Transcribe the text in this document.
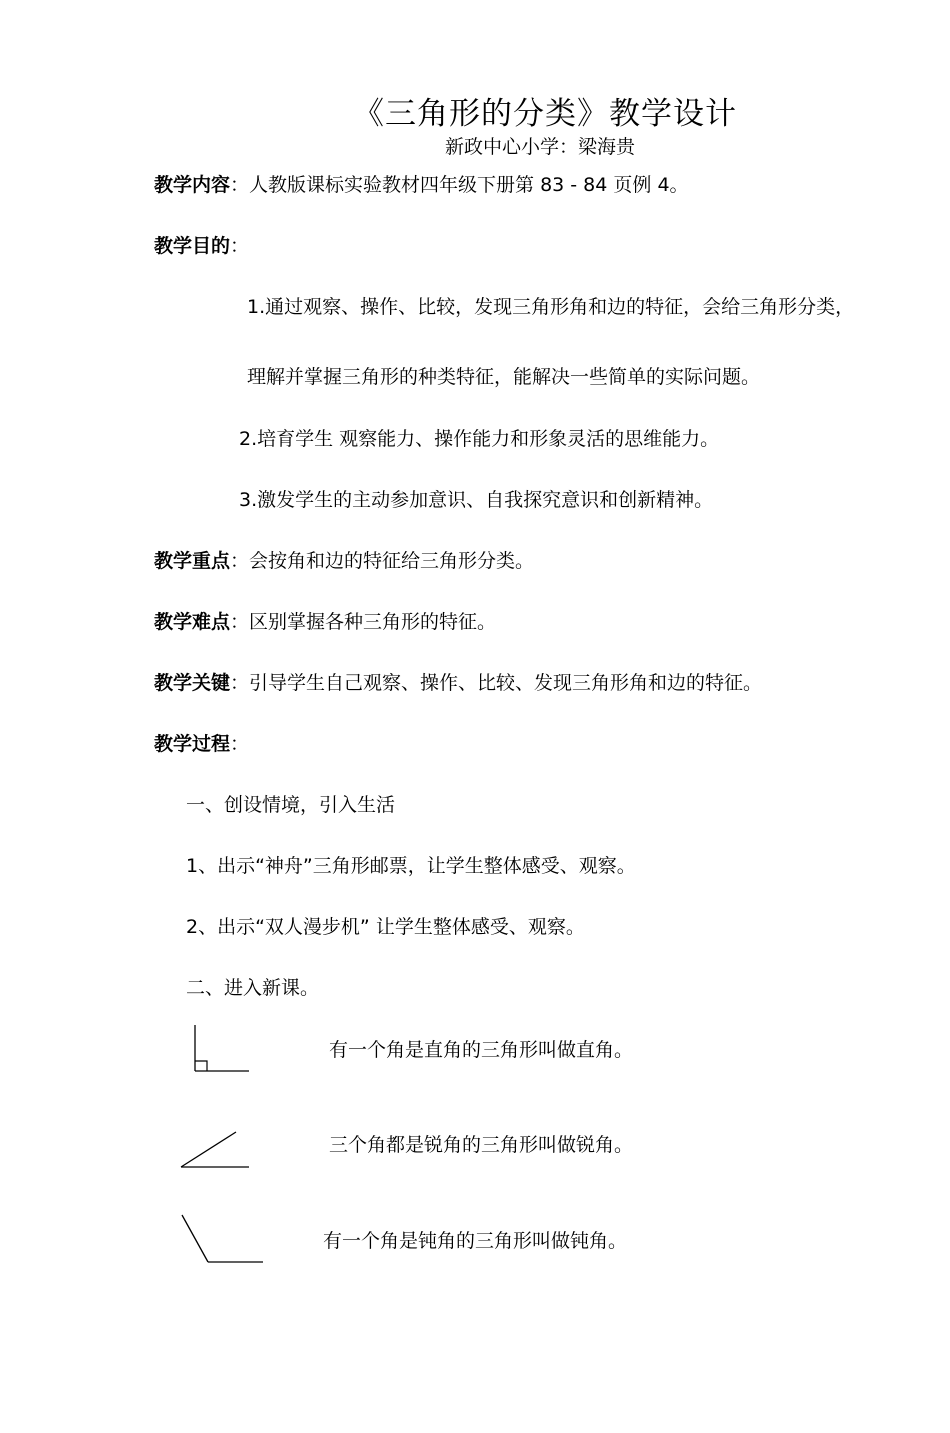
《三角形的分类》教学设计
新政中心小学：梁海贵
教学内容：人教版课标实验教材四年级下册第 83 - 84 页例 4。
教学目的：
1.通过观察、操作、比较，发现三角形角和边的特征，会给三角形分类，
理解并掌握三角形的种类特征，能解决一些简单的实际问题。
2.培育学生 观察能力、操作能力和形象灵活的思维能力。
3.激发学生的主动参加意识、自我探究意识和创新精神。
教学重点：会按角和边的特征给三角形分类。
教学难点：区别掌握各种三角形的特征。
教学关键：引导学生自己观察、操作、比较、发现三角形角和边的特征。
教学过程：
一、创设情境，引入生活
1、出示“神舟”三角形邮票，让学生整体感受、观察。
2、出示“双人漫步机” 让学生整体感受、观察。
二、进入新课。
有一个角是直角的三角形叫做直角。
三个角都是锐角的三角形叫做锐角。
有一个角是钝角的三角形叫做钝角。
